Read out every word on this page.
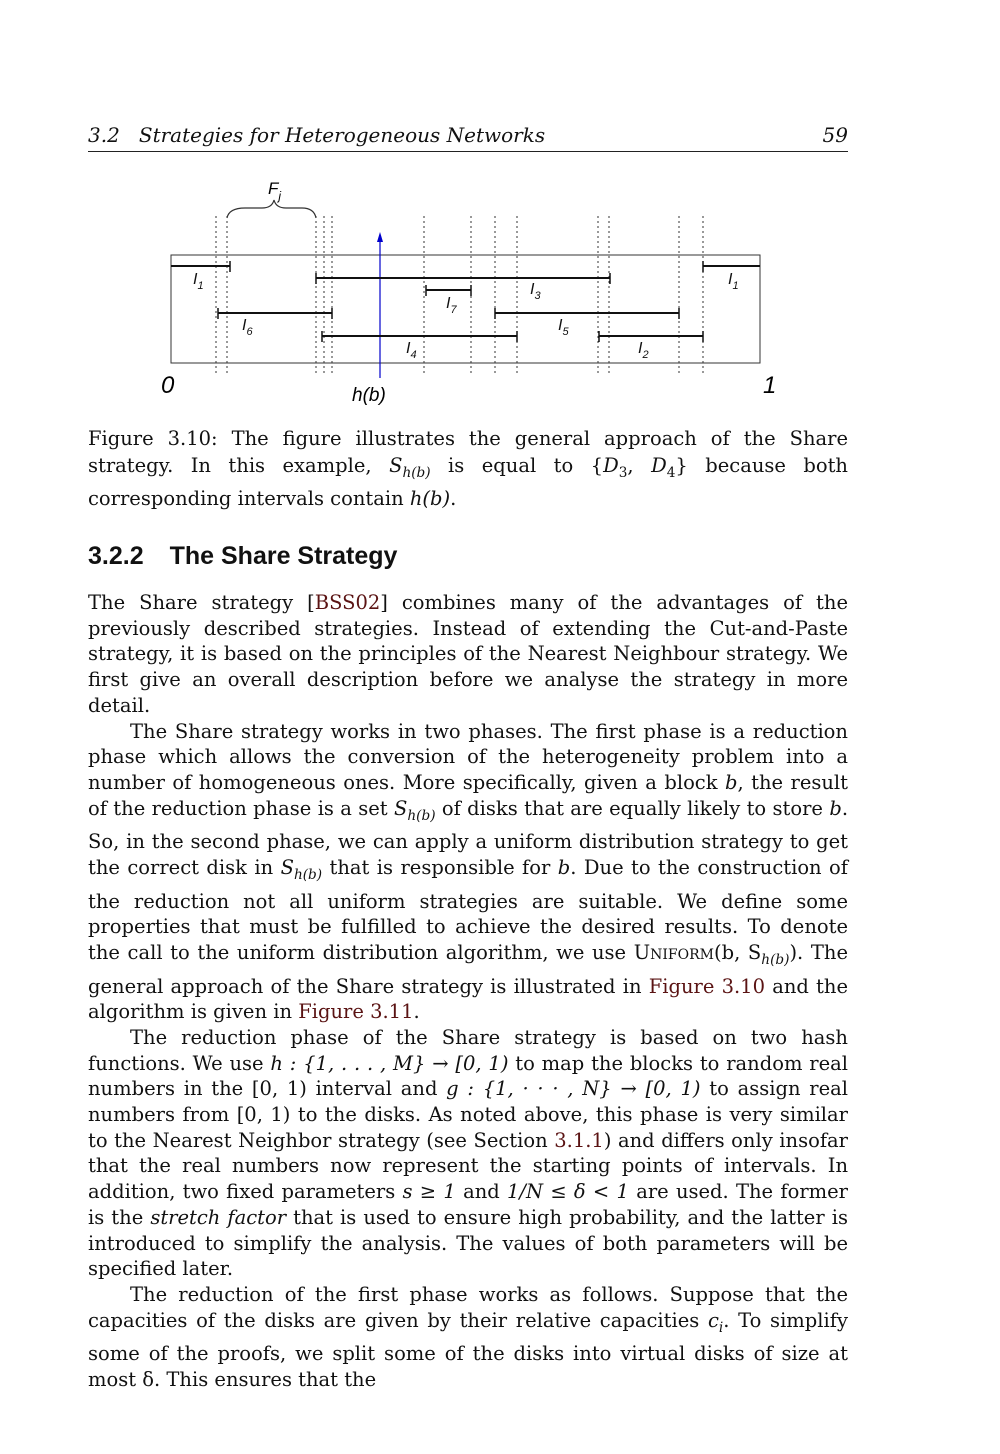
3.2   Strategies for Heterogeneous Networks	59
$F_j$
$I_1$	$I_1$
$I_6$
$I_4$
$I_7$
$I_3$
$I_5$
$I_2$
0	1
h(b)
Figure 3.10: The figure illustrates the general approach of the Share strategy. In this example, $S_{h(b)}$ is equal to {$D_3$, $D_4$} because both corresponding intervals contain h(b).
3.2.2 The Share Strategy

The Share strategy [BSS02] combines many of the advantages of the previously described strategies. Instead of extending the Cut-and-Paste strategy, it is based on the principles of the Nearest Neighbour strategy. We first give an overall description before we analyse the strategy in more detail.

The Share strategy works in two phases. The first phase is a reduction phase which allows the conversion of the heterogeneity problem into a number of homogeneous ones. More specifically, given a block b, the result of the reduction phase is a set $S_{h(b)}$ of disks that are equally likely to store b. So, in the second phase, we can apply a uniform distribution strategy to get the correct disk in $S_{h(b)}$ that is responsible for b. Due to the construction of the reduction not all uniform strategies are suitable. We define some properties that must be fulfilled to achieve the desired results. To denote the call to the uniform distribution algorithm, we use Uniform(b, $S_{h(b)}$). The general approach of the Share strategy is illustrated in Figure 3.10 and the algorithm is given in Figure 3.11.

The reduction phase of the Share strategy is based on two hash functions. We use h : {1, . . . , M} → [0, 1) to map the blocks to random real numbers in the [0, 1) interval and g : {1, · · · , N} → [0, 1) to assign real numbers from [0, 1) to the disks. As noted above, this phase is very similar to the Nearest Neighbor strategy (see Section 3.1.1) and differs only insofar that the real numbers now represent the starting points of intervals. In addition, two fixed parameters s ≥ 1 and 1/N ≤ δ < 1 are used. The former is the stretch factor that is used to ensure high probability, and the latter is introduced to simplify the analysis. The values of both parameters will be specified later.

The reduction of the first phase works as follows. Suppose that the capacities of the disks are given by their relative capacities $c_i$. To simplify some of the proofs, we split some of the disks into virtual disks of size at most δ. This ensures that the
